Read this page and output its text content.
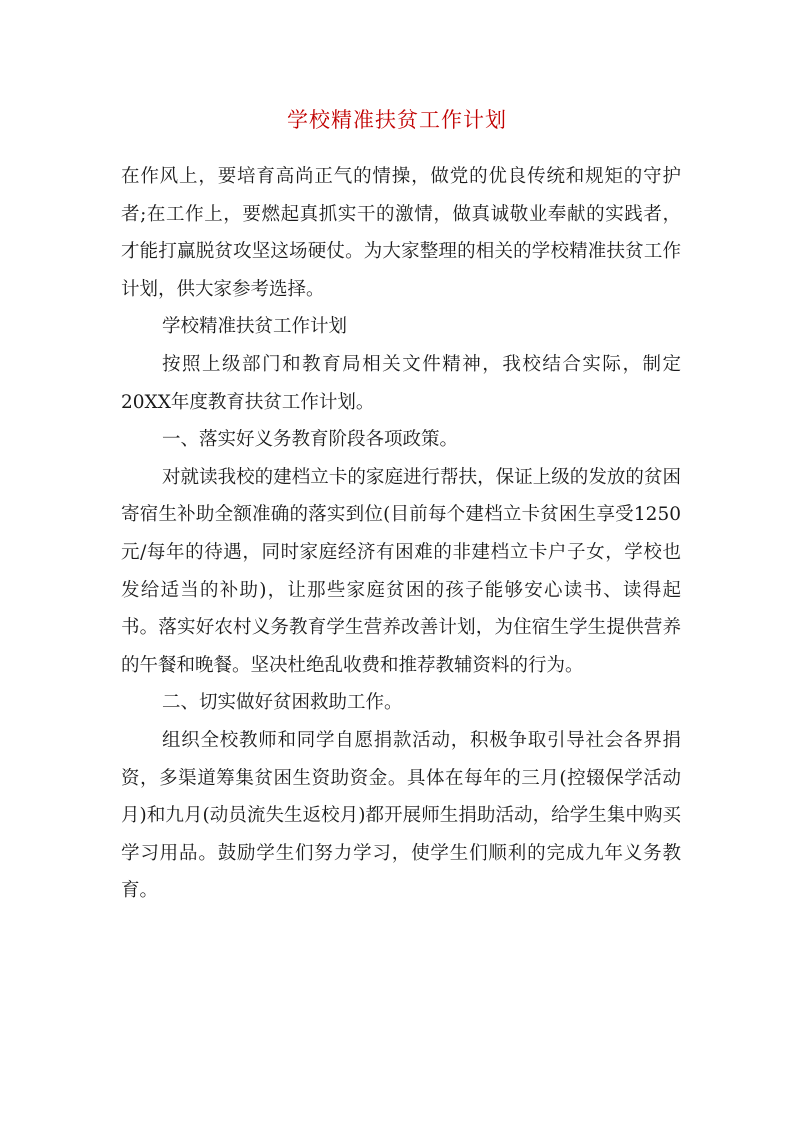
学校精准扶贫工作计划

在作风上，要培育高尚正气的情操，做党的优良传统和规矩的守护者;在工作上，要燃起真抓实干的激情，做真诚敬业奉献的实践者，才能打赢脱贫攻坚这场硬仗。为大家整理的相关的学校精准扶贫工作计划，供大家参考选择。

学校精准扶贫工作计划

按照上级部门和教育局相关文件精神，我校结合实际，制定20XX年度教育扶贫工作计划。

一、落实好义务教育阶段各项政策。

对就读我校的建档立卡的家庭进行帮扶，保证上级的发放的贫困寄宿生补助全额准确的落实到位(目前每个建档立卡贫困生享受1250元/每年的待遇，同时家庭经济有困难的非建档立卡户子女，学校也发给适当的补助)，让那些家庭贫困的孩子能够安心读书、读得起书。落实好农村义务教育学生营养改善计划，为住宿生学生提供营养的午餐和晚餐。坚决杜绝乱收费和推荐教辅资料的行为。

二、切实做好贫困救助工作。

组织全校教师和同学自愿捐款活动，积极争取引导社会各界捐资，多渠道筹集贫困生资助资金。具体在每年的三月(控辍保学活动月)和九月(动员流失生返校月)都开展师生捐助活动，给学生集中购买学习用品。鼓励学生们努力学习，使学生们顺利的完成九年义务教育。
